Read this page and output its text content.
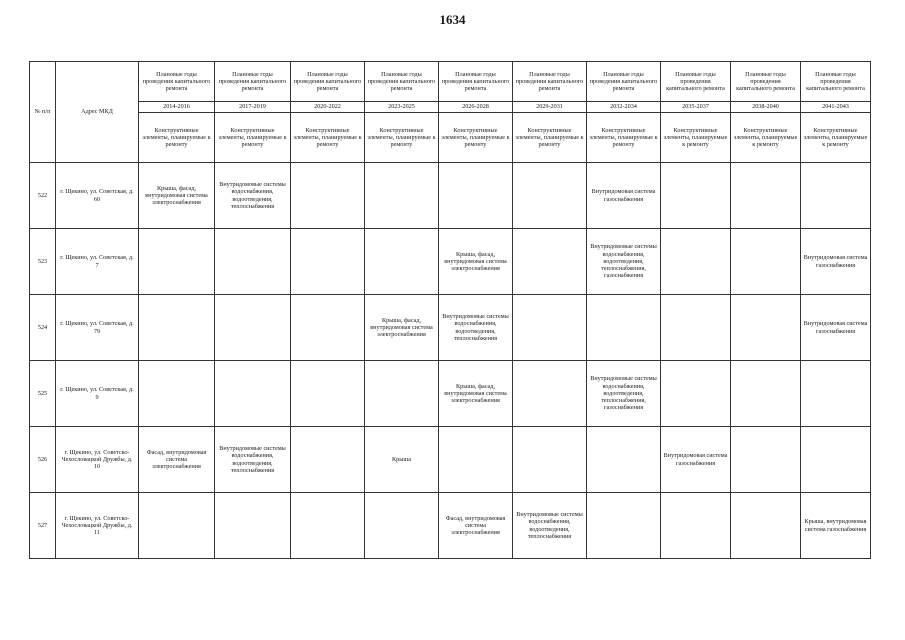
1634
№ п/п	Адрес МКД	Плановые годы проведения капитального ремонта	Плановые годы проведения капитального ремонта	Плановые годы проведения капитального ремонта	Плановые годы проведения капитального ремонта	Плановые годы проведения капитального ремонта	Плановые годы проведения капитального ремонта	Плановые годы проведения капитального ремонта	Плановые годы проведения капитального ремонта	Плановые годы проведения капитального ремонта	Плановые годы проведения капитального ремонта
		2014-2016	2017-2019	2020-2022	2023-2025	2026-2028	2029-2031	2032-2034	2035-2037	2038-2040	2041-2043
		Конструктивные элементы, планируемые к ремонту	Конструктивные элементы, планируемые к ремонту	Конструктивные элементы, планируемые к ремонту	Конструктивные элементы, планируемые к ремонту	Конструктивные элементы, планируемые к ремонту	Конструктивные элементы, планируемые к ремонту	Конструктивные элементы, планируемые к ремонту	Конструктивные элементы, планируемые к ремонту	Конструктивные элементы, планируемые к ремонту	Конструктивные элементы, планируемые к ремонту
522	г. Щекино, ул. Советская, д. 60	Крыша, фасад, внутридомовая система электроснабжения	Внутридомовые системы водоснабжения, водоотведения, теплоснабжения					Внутридомовая система газоснабжения			
523	г. Щекино, ул. Советская, д. 7					Крыша, фасад, внутридомовая система электроснабжения		Внутридомовые системы водоснабжения, водоотведения, теплоснабжения, газоснабжения			Внутридомовая система газоснабжения
524	г. Щекино, ул. Советская, д. 79				Крыша, фасад, внутридомовая система электроснабжения	Внутридомовые системы водоснабжения, водоотведения, теплоснабжения					Внутридомовая система газоснабжения
525	г. Щекино, ул. Советская, д. 9					Крыша, фасад, внутридомовая система электроснабжения		Внутридомовые системы водоснабжения, водоотведения, теплоснабжения, газоснабжения			
526	г. Щекино, ул. Советско-Чехословацкой Дружбы, д. 10	Фасад, внутридомовая система электроснабжения	Внутридомовые системы водоснабжения, водоотведения, теплоснабжения		Крыша				Внутридомовая система газоснабжения		
527	г. Щекино, ул. Советско-Чехословацкой Дружбы, д. 11					Фасад, внутридомовая система электроснабжения	Внутридомовые системы водоснабжения, водоотведения, теплоснабжения				Крыша, внутридомовая система газоснабжения
